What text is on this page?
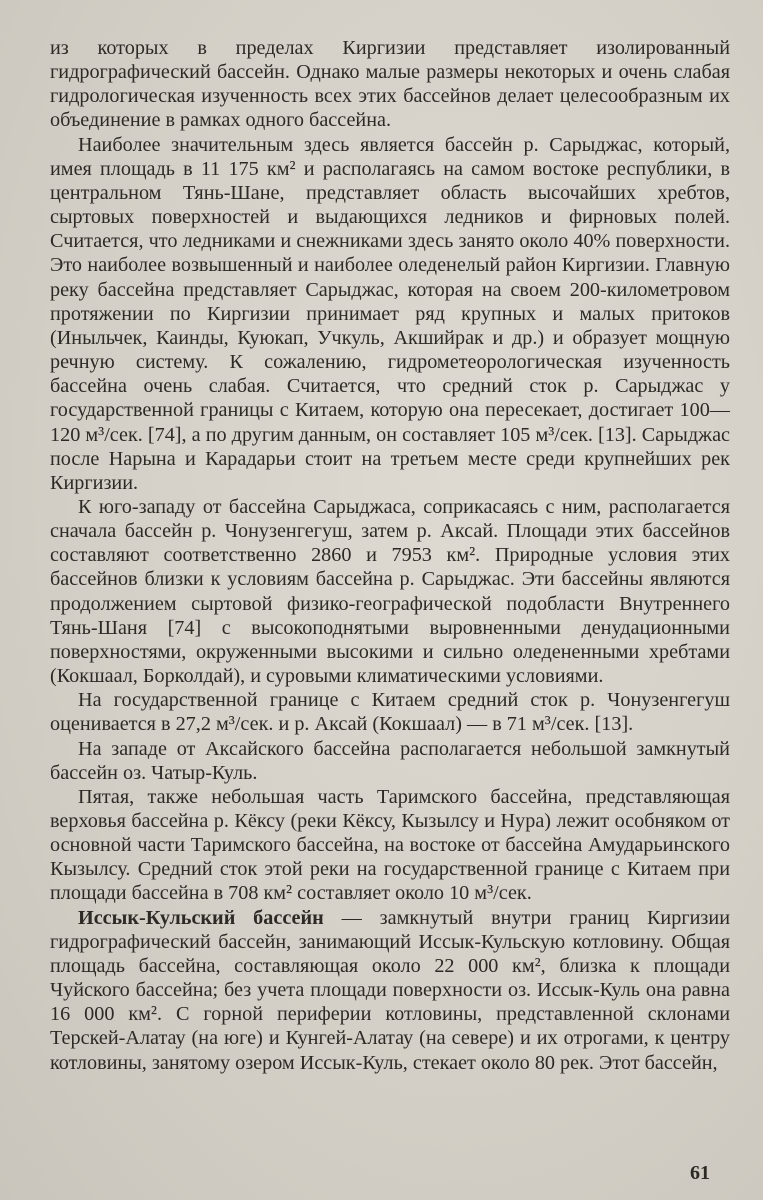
из которых в пределах Киргизии представляет изолированный гидрографический бассейн. Однако малые размеры некоторых и очень слабая гидрологическая изученность всех этих бассейнов делает целесообразным их объединение в рамках одного бассейна.

Наиболее значительным здесь является бассейн р. Сарыджас, который, имея площадь в 11 175 км² и располагаясь на самом востоке республики, в центральном Тянь-Шане, представляет область высочайших хребтов, сыртовых поверхностей и выдающихся ледников и фирновых полей. Считается, что ледниками и снежниками здесь занято около 40% поверхности. Это наиболее возвышенный и наиболее оледенелый район Киргизии. Главную реку бассейна представляет Сарыджас, которая на своем 200-километровом протяжении по Киргизии принимает ряд крупных и малых притоков (Иныльчек, Каинды, Куюкап, Учкуль, Акшийрак и др.) и образует мощную речную систему. К сожалению, гидрометеорологическая изученность бассейна очень слабая. Считается, что средний сток р. Сарыджас у государственной границы с Китаем, которую она пересекает, достигает 100—120 м³/сек. [74], а по другим данным, он составляет 105 м³/сек. [13]. Сарыджас после Нарына и Карадарьи стоит на третьем месте среди крупнейших рек Киргизии.

К юго-западу от бассейна Сарыджаса, соприкасаясь с ним, располагается сначала бассейн р. Чонузенгегуш, затем р. Аксай. Площади этих бассейнов составляют соответственно 2860 и 7953 км². Природные условия этих бассейнов близки к условиям бассейна р. Сарыджас. Эти бассейны являются продолжением сыртовой физико-географической подобласти Внутреннего Тянь-Шаня [74] с высокоподнятыми выровненными денудационными поверхностями, окруженными высокими и сильно оледененными хребтами (Кокшаал, Борколдай), и суровыми климатическими условиями.

На государственной границе с Китаем средний сток р. Чонузенгегуш оценивается в 27,2 м³/сек. и р. Аксай (Кокшаал) — в 71 м³/сек. [13].

На западе от Аксайского бассейна располагается небольшой замкнутый бассейн оз. Чатыр-Куль.

Пятая, также небольшая часть Таримского бассейна, представляющая верховья бассейна р. Кёксу (реки Кёксу, Кызылсу и Нура) лежит особняком от основной части Таримского бассейна, на востоке от бассейна Амударьинского Кызылсу. Средний сток этой реки на государственной границе с Китаем при площади бассейна в 708 км² составляет около 10 м³/сек.

Иссык-Кульский бассейн — замкнутый внутри границ Киргизии гидрографический бассейн, занимающий Иссык-Кульскую котловину. Общая площадь бассейна, составляющая около 22 000 км², близка к площади Чуйского бассейна; без учета площади поверхности оз. Иссык-Куль она равна 16 000 км². С горной периферии котловины, представленной склонами Терскей-Алатау (на юге) и Кунгей-Алатау (на севере) и их отрогами, к центру котловины, занятому озером Иссык-Куль, стекает около 80 рек. Этот бассейн,

61
